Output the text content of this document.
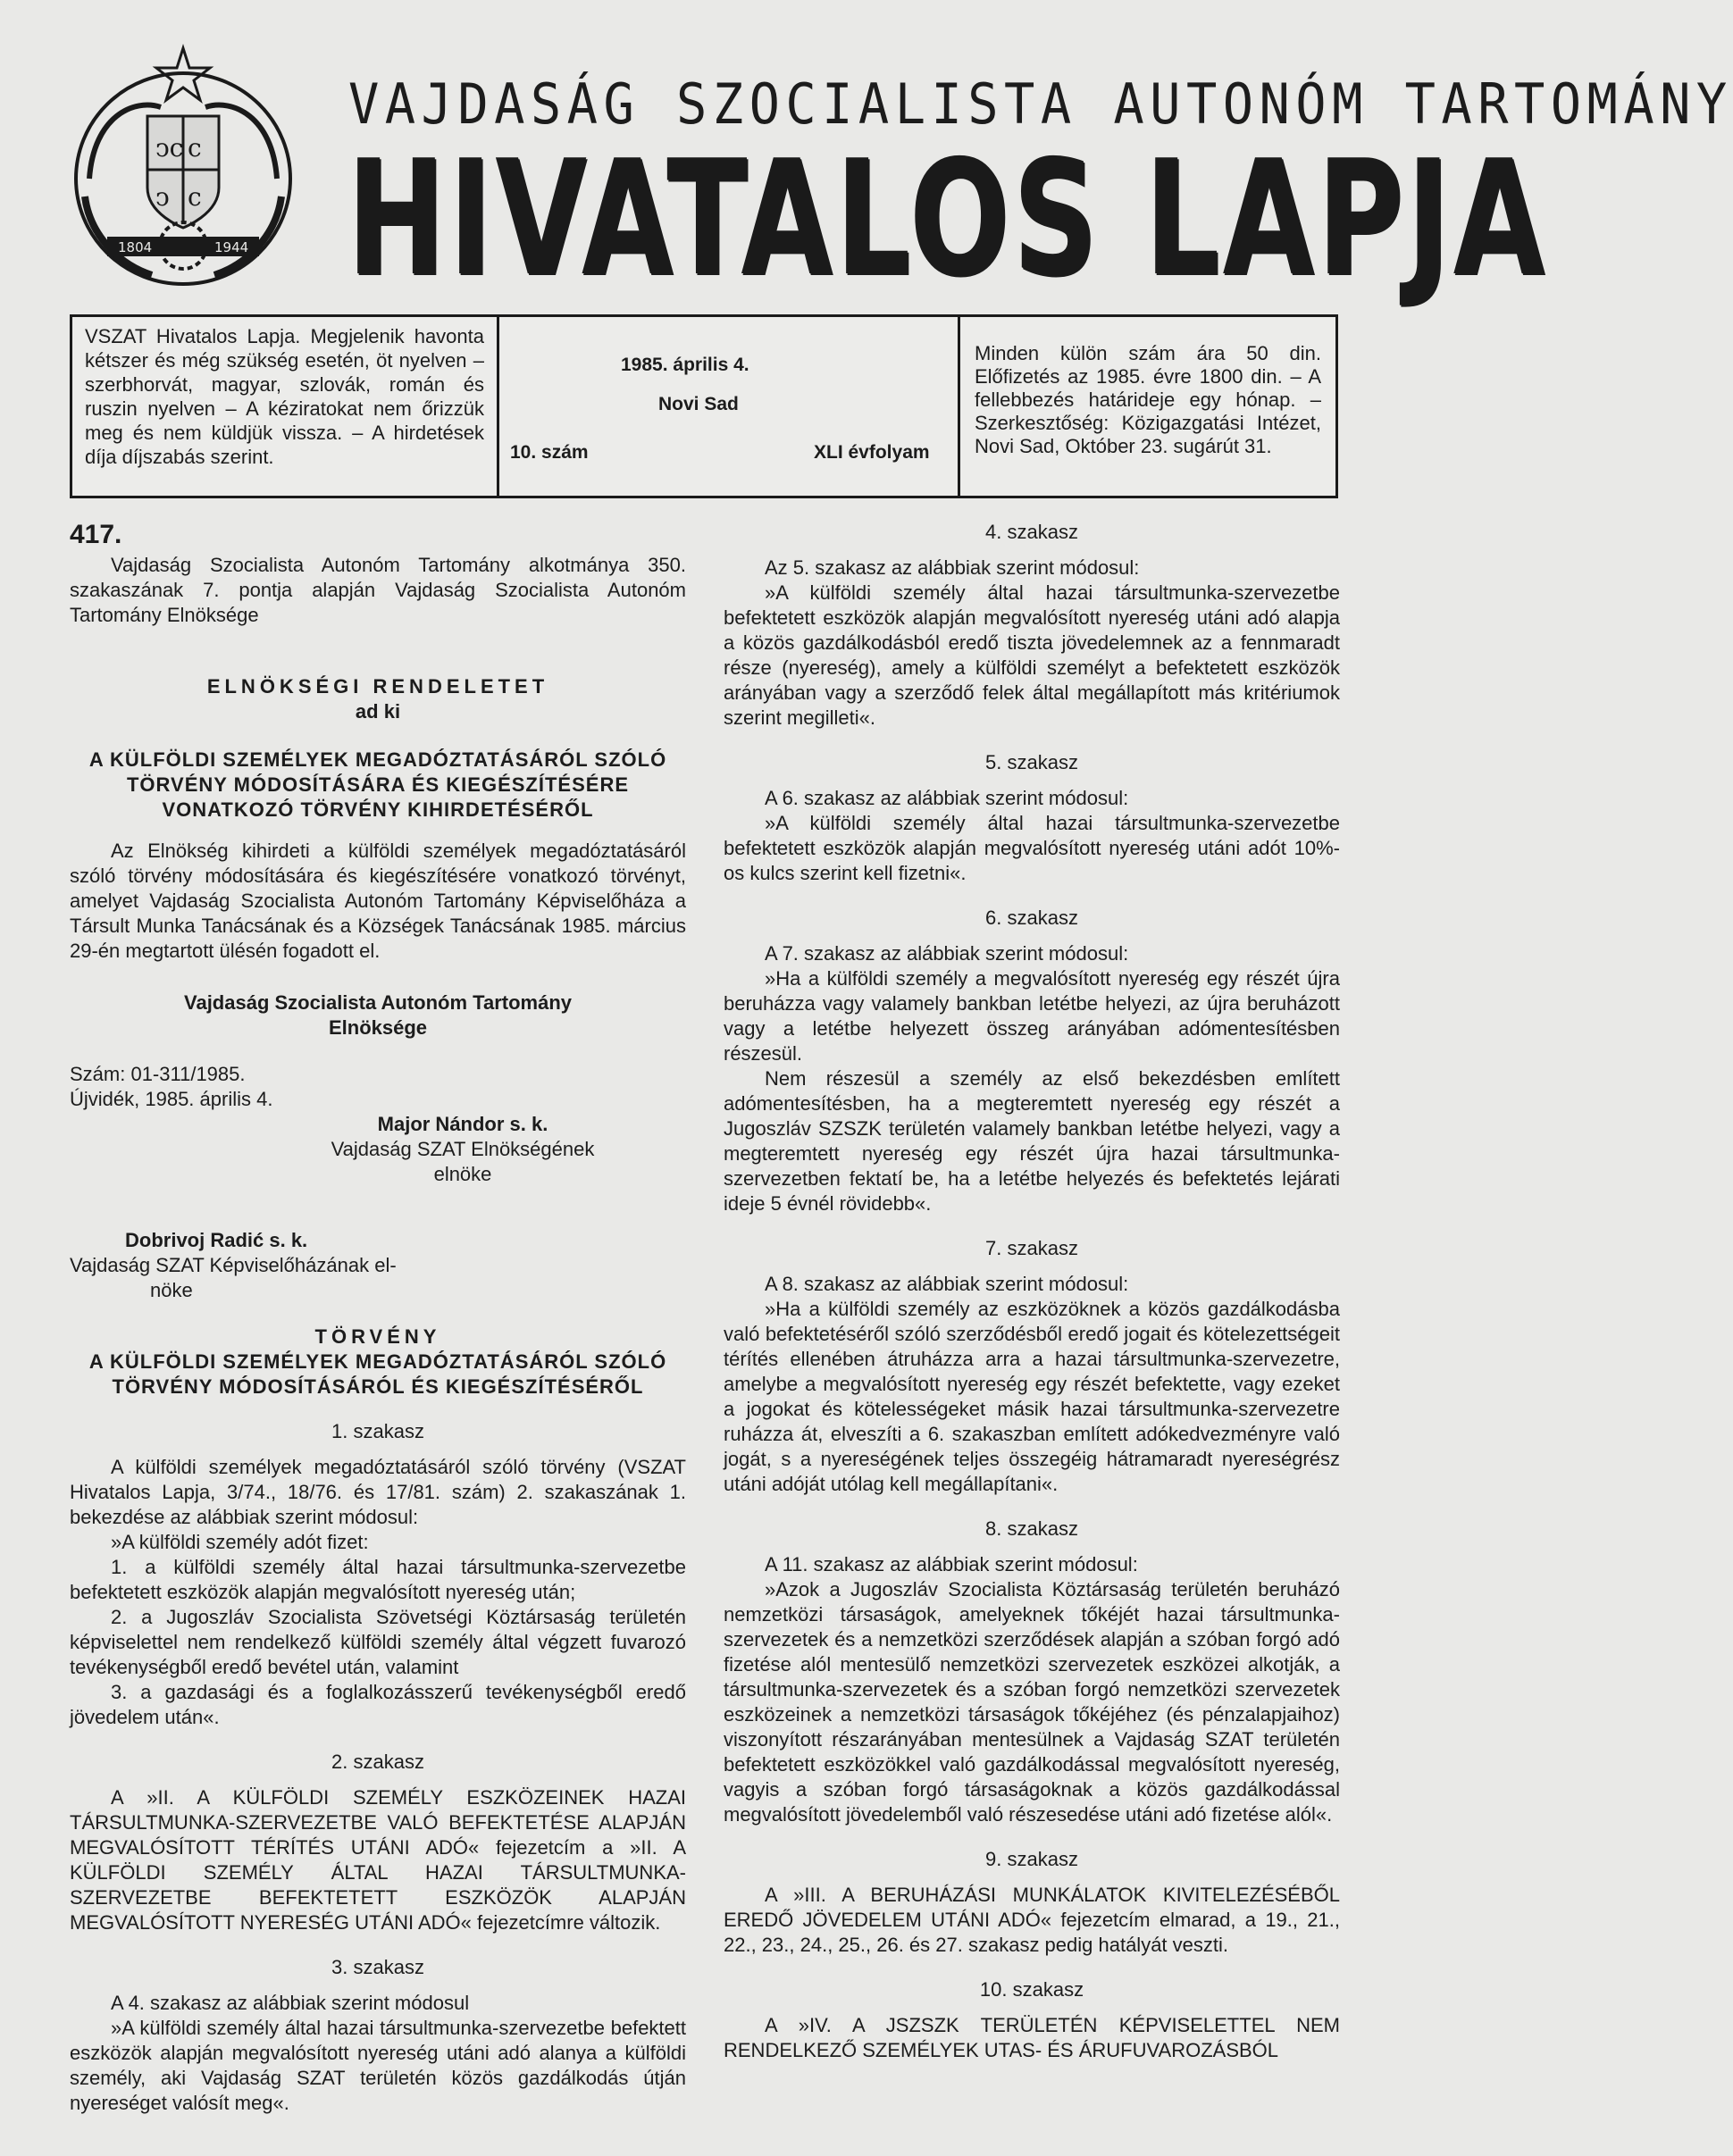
ͻc c
ͻ c
1804	1944
VAJDASÁG SZOCIALISTA AUTONÓM TARTOMÁNY
HIVATALOS LAPJA
VSZAT Hivatalos Lapja. Megjelenik havonta kétszer és még szükség esetén, öt nyelven – szerbhorvát, magyar, szlovák, román és ruszin nyelven – A kéziratokat nem őrizzük meg és nem küldjük vissza. – A hirdetések díja díjszabás szerint.
1985. április 4.
Novi Sad
10. szám	XLI évfolyam
Minden külön szám ára 50 din. Előfizetés az 1985. évre 1800 din. – A fellebbezés határideje egy hónap. – Szerkesztőség: Közigazgatási Intézet, Novi Sad, Október 23. sugárút 31.

417.

Vajdaság Szocialista Autonóm Tartomány alkotmánya 350. szakaszának 7. pontja alapján Vajdaság Szocialista Autonóm Tartomány Elnöksége

ELNÖKSÉGI RENDELETET

ad ki

A KÜLFÖLDI SZEMÉLYEK MEGADÓZTATÁSÁRÓL SZÓLÓ TÖRVÉNY MÓDOSÍTÁSÁRA ÉS KIEGÉSZÍTÉSÉRE VONATKOZÓ TÖRVÉNY KIHIRDETÉSÉRŐL

Az Elnökség kihirdeti a külföldi személyek megadóztatásáról szóló törvény módosítására és kiegészítésére vonatkozó törvényt, amelyet Vajdaság Szocialista Autonóm Tartomány Képviselőháza a Társult Munka Tanácsának és a Községek Tanácsának 1985. március 29-én megtartott ülésén fogadott el.

Vajdaság Szocialista Autonóm Tartomány

Elnöksége

Szám: 01-311/1985.

Újvidék, 1985. április 4.

Major Nándor s. k.

Vajdaság SZAT Elnökségének

elnöke

Dobrivoj Radić s. k.

Vajdaság SZAT Képviselőházának el-

nöke

TÖRVÉNY

A KÜLFÖLDI SZEMÉLYEK MEGADÓZTATÁSÁRÓL SZÓLÓ TÖRVÉNY MÓDOSÍTÁSÁRÓL ÉS KIEGÉSZÍTÉSÉRŐL

1. szakasz

A külföldi személyek megadóztatásáról szóló törvény (VSZAT Hivatalos Lapja, 3/74., 18/76. és 17/81. szám) 2. szakaszának 1. bekezdése az alábbiak szerint módosul:

»A külföldi személy adót fizet:

1. a külföldi személy által hazai társultmunka-szervezetbe befektetett eszközök alapján megvalósított nyereség után;

2. a Jugoszláv Szocialista Szövetségi Köztársaság területén képviselettel nem rendelkező külföldi személy által végzett fuvarozó tevékenységből eredő bevétel után, valamint

3. a gazdasági és a foglalkozásszerű tevékenységből eredő jövedelem után«.

2. szakasz

A »II. A KÜLFÖLDI SZEMÉLY ESZKÖZEINEK HAZAI TÁRSULTMUNKA-SZERVEZETBE VALÓ BEFEKTETÉSE ALAPJÁN MEGVALÓSÍTOTT TÉRÍTÉS UTÁNI ADÓ« fejezetcím a »II. A KÜLFÖLDI SZEMÉLY ÁLTAL HAZAI TÁRSULTMUNKA-SZERVEZETBE BEFEKTETETT ESZKÖZÖK ALAPJÁN MEGVALÓSÍTOTT NYERESÉG UTÁNI ADÓ« fejezetcímre változik.

3. szakasz

A 4. szakasz az alábbiak szerint módosul

»A külföldi személy által hazai társultmunka-szervezetbe befektett eszközök alapján megvalósított nyereség utáni adó alanya a külföldi személy, aki Vajdaság SZAT területén közös gazdálkodás útján nyereséget valósít meg«.

4. szakasz

Az 5. szakasz az alábbiak szerint módosul:

»A külföldi személy által hazai társultmunka-szervezetbe befektetett eszközök alapján megvalósított nyereség utáni adó alapja a közös gazdálkodásból eredő tiszta jövedelemnek az a fennmaradt része (nyereség), amely a külföldi személyt a befektetett eszközök arányában vagy a szerződő felek által megállapított más kritériumok szerint megilleti«.

5. szakasz

A 6. szakasz az alábbiak szerint módosul:

»A külföldi személy által hazai társultmunka-szervezetbe befektetett eszközök alapján megvalósított nyereség utáni adót 10%-os kulcs szerint kell fizetni«.

6. szakasz

A 7. szakasz az alábbiak szerint módosul:

»Ha a külföldi személy a megvalósított nyereség egy részét újra beruházza vagy valamely bankban letétbe helyezi, az újra beruházott vagy a letétbe helyezett összeg arányában adómentesítésben részesül.

Nem részesül a személy az első bekezdésben említett adómentesítésben, ha a megteremtett nyereség egy részét a Jugoszláv SZSZK területén valamely bankban letétbe helyezi, vagy a megteremtett nyereség egy részét újra hazai társultmunka-szervezetben fektatí be, ha a letétbe helyezés és befektetés lejárati ideje 5 évnél rövidebb«.

7. szakasz

A 8. szakasz az alábbiak szerint módosul:

»Ha a külföldi személy az eszközöknek a közös gazdálkodásba való befektetéséről szóló szerződésből eredő jogait és kötelezettségeit térítés ellenében átruházza arra a hazai társultmunka-szervezetre, amelybe a megvalósított nyereség egy részét befektette, vagy ezeket a jogokat és kötelességeket másik hazai társultmunka-szervezetre ruházza át, elveszíti a 6. szakaszban említett adókedvezményre való jogát, s a nyereségének teljes összegéig hátramaradt nyereségrész utáni adóját utólag kell megállapítani«.

8. szakasz

A 11. szakasz az alábbiak szerint módosul:

»Azok a Jugoszláv Szocialista Köztársaság területén beruházó nemzetközi társaságok, amelyeknek tőkéjét hazai társultmunka-szervezetek és a nemzetközi szerződések alapján a szóban forgó adó fizetése alól mentesülő nemzetközi szervezetek eszközei alkotják, a társultmunka-szervezetek és a szóban forgó nemzetközi szervezetek eszközeinek a nemzetközi társaságok tőkéjéhez (és pénzalapjaihoz) viszonyított részarányában mentesülnek a Vajdaság SZAT területén befektetett eszközökkel való gazdálkodással megvalósított nyereség, vagyis a szóban forgó társaságoknak a közös gazdálkodással megvalósított jövedelemből való részesedése utáni adó fizetése alól«.

9. szakasz

A »III. A BERUHÁZÁSI MUNKÁLATOK KIVITELEZÉSÉBŐL EREDŐ JÖVEDELEM UTÁNI ADÓ« fejezetcím elmarad, a 19., 21., 22., 23., 24., 25., 26. és 27. szakasz pedig hatályát veszti.

10. szakasz

A »IV. A JSZSZK TERÜLETÉN KÉPVISELETTEL NEM RENDELKEZŐ SZEMÉLYEK UTAS- ÉS ÁRUFUVAROZÁSBÓL
